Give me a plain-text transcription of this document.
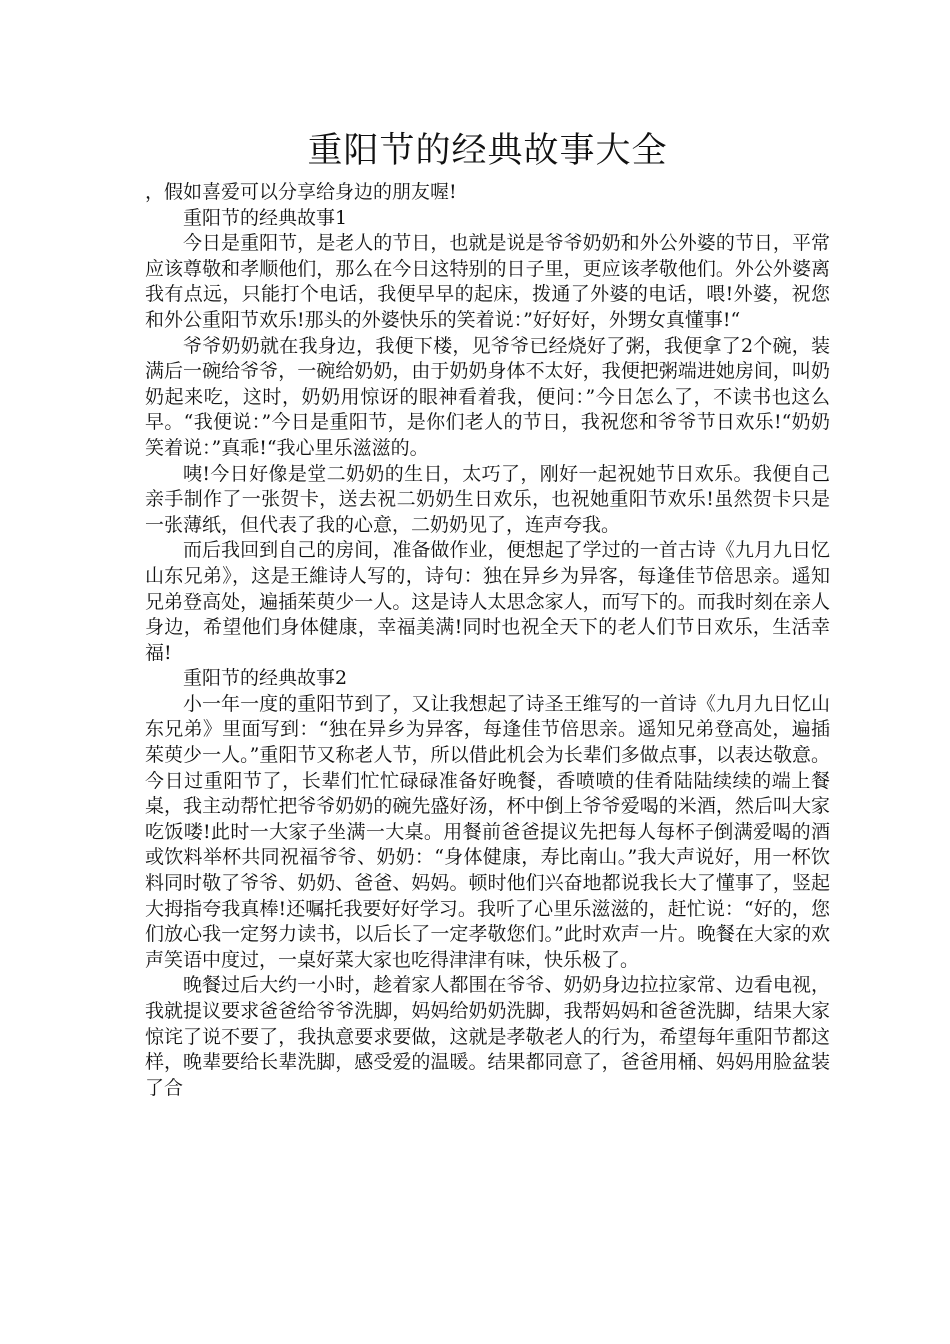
重阳节的经典故事大全

，假如喜爱可以分享给身边的朋友喔!

重阳节的经典故事1

今日是重阳节，是老人的节日，也就是说是爷爷奶奶和外公外婆的节日，平常应该尊敬和孝顺他们，那么在今日这特别的日子里，更应该孝敬他们。外公外婆离我有点远，只能打个电话，我便早早的起床，拨通了外婆的电话，喂!外婆，祝您和外公重阳节欢乐!那头的外婆快乐的笑着说：”好好好，外甥女真懂事!“

爷爷奶奶就在我身边，我便下楼，见爷爷已经烧好了粥，我便拿了2个碗，装满后一碗给爷爷，一碗给奶奶，由于奶奶身体不太好，我便把粥端进她房间，叫奶奶起来吃，这时，奶奶用惊讶的眼神看着我，便问：”今日怎么了，不读书也这么早。“我便说：”今日是重阳节，是你们老人的节日，我祝您和爷爷节日欢乐!“奶奶笑着说：”真乖!“我心里乐滋滋的。

咦!今日好像是堂二奶奶的生日，太巧了，刚好一起祝她节日欢乐。我便自己亲手制作了一张贺卡，送去祝二奶奶生日欢乐，也祝她重阳节欢乐!虽然贺卡只是一张薄纸，但代表了我的心意，二奶奶见了，连声夸我。

而后我回到自己的房间，准备做作业，便想起了学过的一首古诗《九月九日忆山东兄弟》，这是王維诗人写的，诗句：独在异乡为异客，每逢佳节倍思亲。遥知兄弟登高处，遍插茱萸少一人。这是诗人太思念家人，而写下的。而我时刻在亲人身边，希望他们身体健康，幸福美满!同时也祝全天下的老人们节日欢乐，生活幸福!

重阳节的经典故事2

小一年一度的重阳节到了，又让我想起了诗圣王维写的一首诗《九月九日忆山东兄弟》里面写到：“独在异乡为异客，每逢佳节倍思亲。遥知兄弟登高处，遍插茱萸少一人。”重阳节又称老人节，所以借此机会为长辈们多做点事，以表达敬意。今日过重阳节了，长辈们忙忙碌碌准备好晚餐，香喷喷的佳肴陆陆续续的端上餐桌，我主动帮忙把爷爷奶奶的碗先盛好汤，杯中倒上爷爷爱喝的米酒，然后叫大家吃饭喽!此时一大家子坐满一大桌。用餐前爸爸提议先把每人每杯子倒满爱喝的酒或饮料举杯共同祝福爷爷、奶奶：“身体健康，寿比南山。”我大声说好，用一杯饮料同时敬了爷爷、奶奶、爸爸、妈妈。顿时他们兴奋地都说我长大了懂事了，竖起大拇指夸我真棒!还嘱托我要好好学习。我听了心里乐滋滋的，赶忙说：“好的，您们放心我一定努力读书，以后长了一定孝敬您们。”此时欢声一片。晚餐在大家的欢声笑语中度过，一桌好菜大家也吃得津津有味，快乐极了。

晚餐过后大约一小时，趁着家人都围在爷爷、奶奶身边拉拉家常、边看电视，我就提议要求爸爸给爷爷洗脚，妈妈给奶奶洗脚，我帮妈妈和爸爸洗脚，结果大家惊诧了说不要了，我执意要求要做，这就是孝敬老人的行为，希望每年重阳节都这样，晚辈要给长辈洗脚，感受爱的温暖。结果都同意了，爸爸用桶、妈妈用脸盆装了合
